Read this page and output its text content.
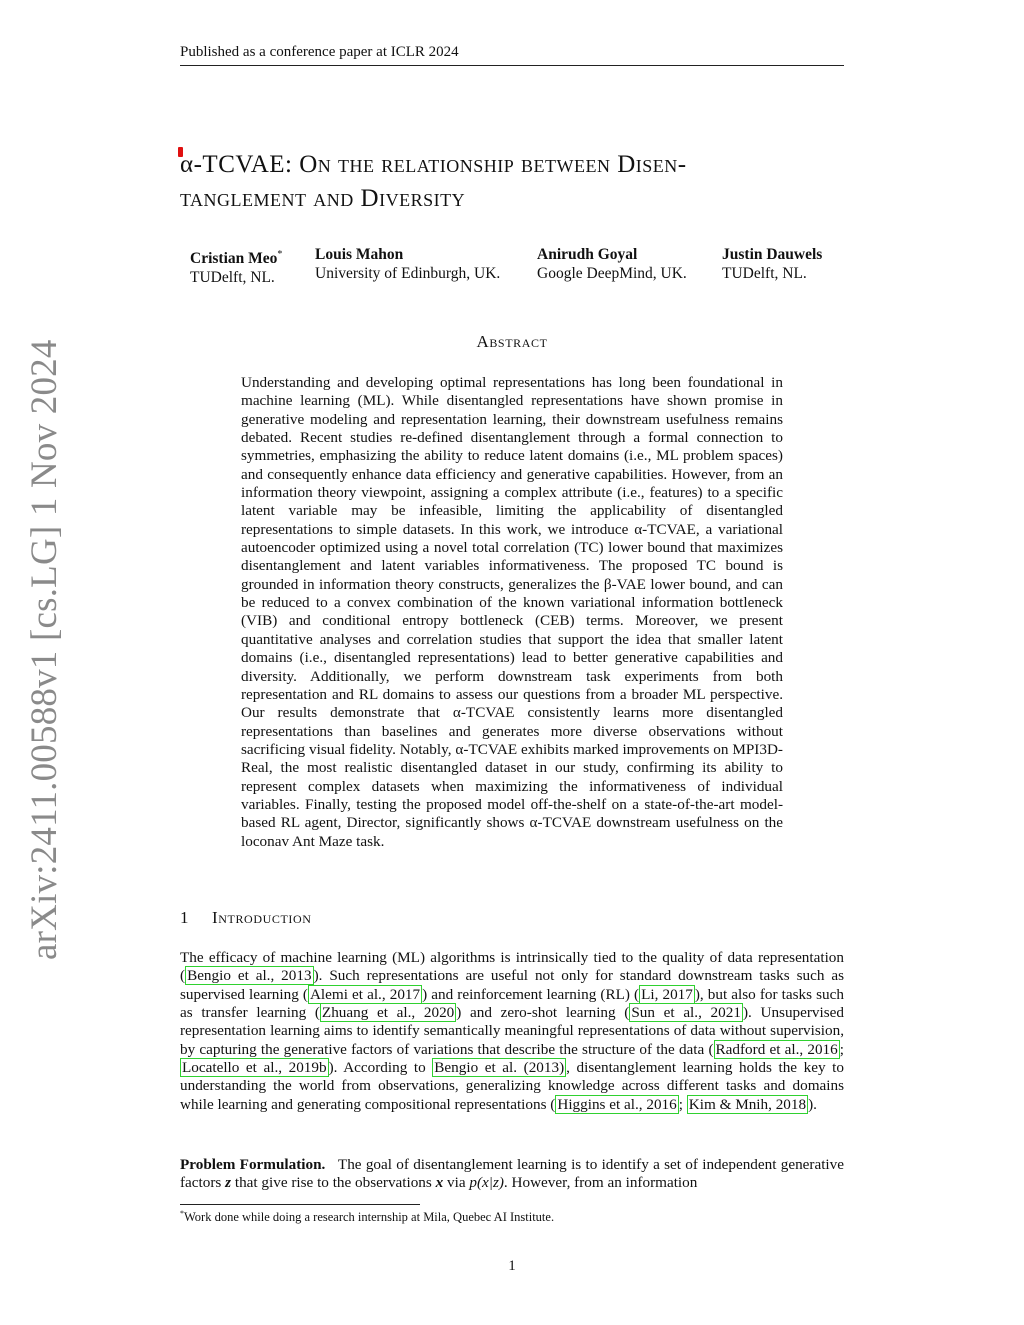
Published as a conference paper at ICLR 2024
arXiv:2411.00588v1 [cs.LG] 1 Nov 2024
α-TCVAE: On the relationship between Disen-
tanglement and Diversity
Cristian Meo*
TUDelft, NL.
Louis Mahon
University of Edinburgh, UK.
Anirudh Goyal
Google DeepMind, UK.
Justin Dauwels
TUDelft, NL.
Abstract
Understanding and developing optimal representations has long been foundational in machine learning (ML). While disentangled representations have shown promise in generative modeling and representation learning, their downstream usefulness remains debated. Recent studies re-defined disentanglement through a formal connection to symmetries, emphasizing the ability to reduce latent domains (i.e., ML problem spaces) and consequently enhance data efficiency and generative capabilities. However, from an information theory viewpoint, assigning a complex attribute (i.e., features) to a specific latent variable may be infeasible, limiting the applicability of disentangled representations to simple datasets. In this work, we introduce α-TCVAE, a variational autoencoder optimized using a novel total correlation (TC) lower bound that maximizes disentanglement and latent variables informativeness. The proposed TC bound is grounded in information theory constructs, generalizes the β-VAE lower bound, and can be reduced to a convex combination of the known variational information bottleneck (VIB) and conditional entropy bottleneck (CEB) terms. Moreover, we present quantitative analyses and correlation studies that support the idea that smaller latent domains (i.e., disentangled representations) lead to better generative capabilities and diversity. Additionally, we perform downstream task experiments from both representation and RL domains to assess our questions from a broader ML perspective. Our results demonstrate that α-TCVAE consistently learns more disentangled representations than baselines and generates more diverse observations without sacrificing visual fidelity. Notably, α-TCVAE exhibits marked improvements on MPI3D-Real, the most realistic disentangled dataset in our study, confirming its ability to represent complex datasets when maximizing the informativeness of individual variables. Finally, testing the proposed model off-the-shelf on a state-of-the-art model-based RL agent, Director, significantly shows α-TCVAE downstream usefulness on the loconav Ant Maze task.
1 Introduction
The efficacy of machine learning (ML) algorithms is intrinsically tied to the quality of data representation ( Bengio et al., 2013 ). Such representations are useful not only for standard downstream tasks such as supervised learning ( Alemi et al., 2017 ) and reinforcement learning (RL) ( Li, 2017 ), but also for tasks such as transfer learning ( Zhuang et al., 2020 ) and zero-shot learning ( Sun et al., 2021 ). Unsupervised representation learning aims to identify semantically meaningful representations of data without supervision, by capturing the generative factors of variations that describe the structure of the data ( Radford et al., 2016 ; Locatello et al., 2019b ). According to Bengio et al. (2013) , disentanglement learning holds the key to understanding the world from observations, generalizing knowledge across different tasks and domains while learning and generating compositional representations ( Higgins et al., 2016 ; Kim & Mnih, 2018 ).
Problem Formulation. The goal of disentanglement learning is to identify a set of independent generative factors z that give rise to the observations x via p(x|z). However, from an information
*Work done while doing a research internship at Mila, Quebec AI Institute.
1
